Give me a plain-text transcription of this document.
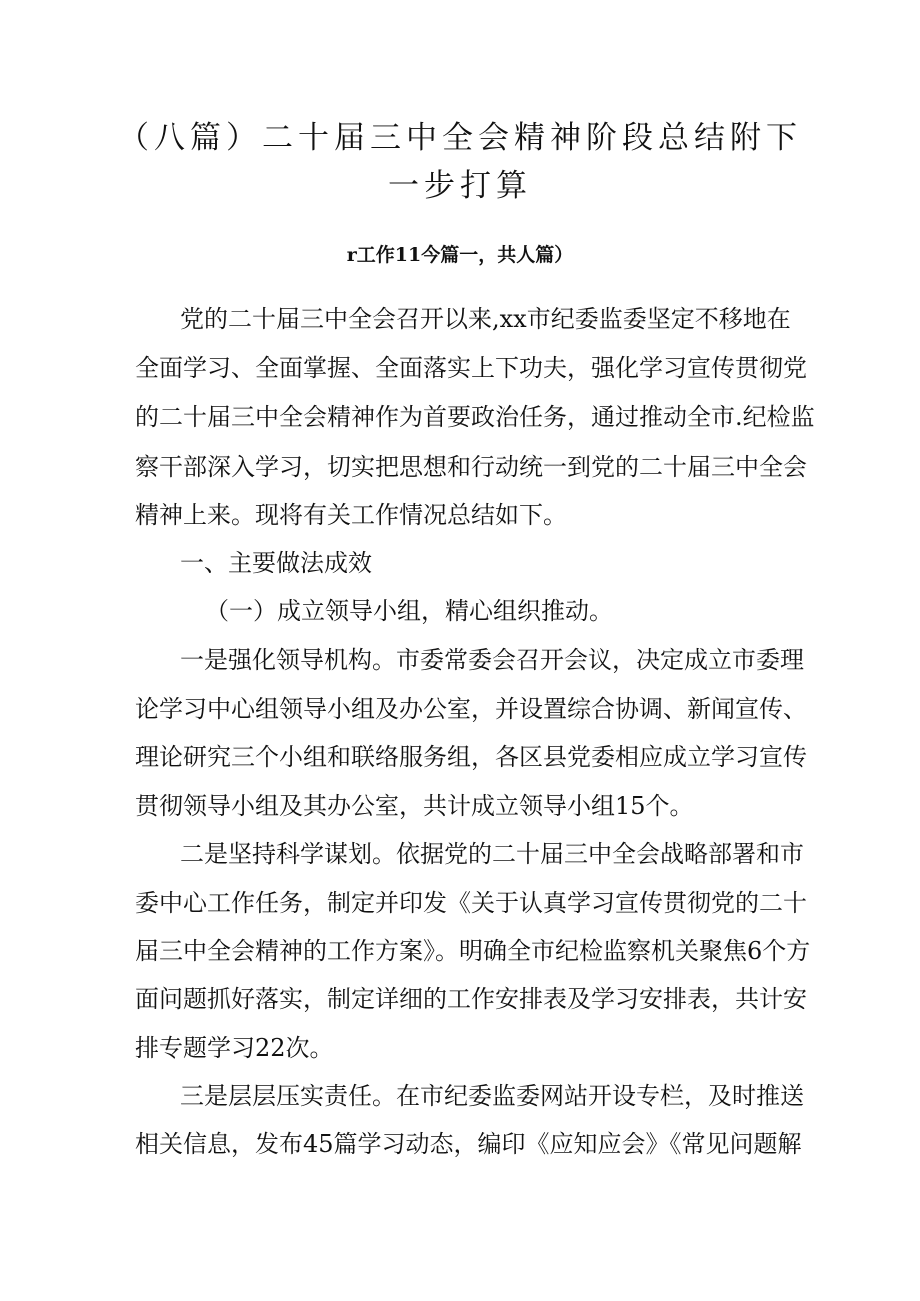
（八篇）二十届三中全会精神阶段总结附下
一步打算
r工作11今篇一，共人篇）
党的二十届三中全会召开以来,xx市纪委监委坚定不移地在
全面学习、全面掌握、全面落实上下功夫，强化学习宣传贯彻党
的二十届三中全会精神作为首要政治任务，通过推动全市.纪检监
察干部深入学习，切实把思想和行动统一到党的二十届三中全会
精神上来。现将有关工作情况总结如下。
一、主要做法成效
（一）成立领导小组，精心组织推动。
一是强化领导机构。市委常委会召开会议，决定成立市委理
论学习中心组领导小组及办公室，并设置综合协调、新闻宣传、
理论研究三个小组和联络服务组，各区县党委相应成立学习宣传
贯彻领导小组及其办公室，共计成立领导小组15个。
二是坚持科学谋划。依据党的二十届三中全会战略部署和市
委中心工作任务，制定并印发《关于认真学习宣传贯彻党的二十
届三中全会精神的工作方案》。明确全市纪检监察机关聚焦6个方
面问题抓好落实，制定详细的工作安排表及学习安排表，共计安
排专题学习22次。
三是层层压实责任。在市纪委监委网站开设专栏，及时推送
相关信息，发布45篇学习动态，编印《应知应会》《常见问题解
